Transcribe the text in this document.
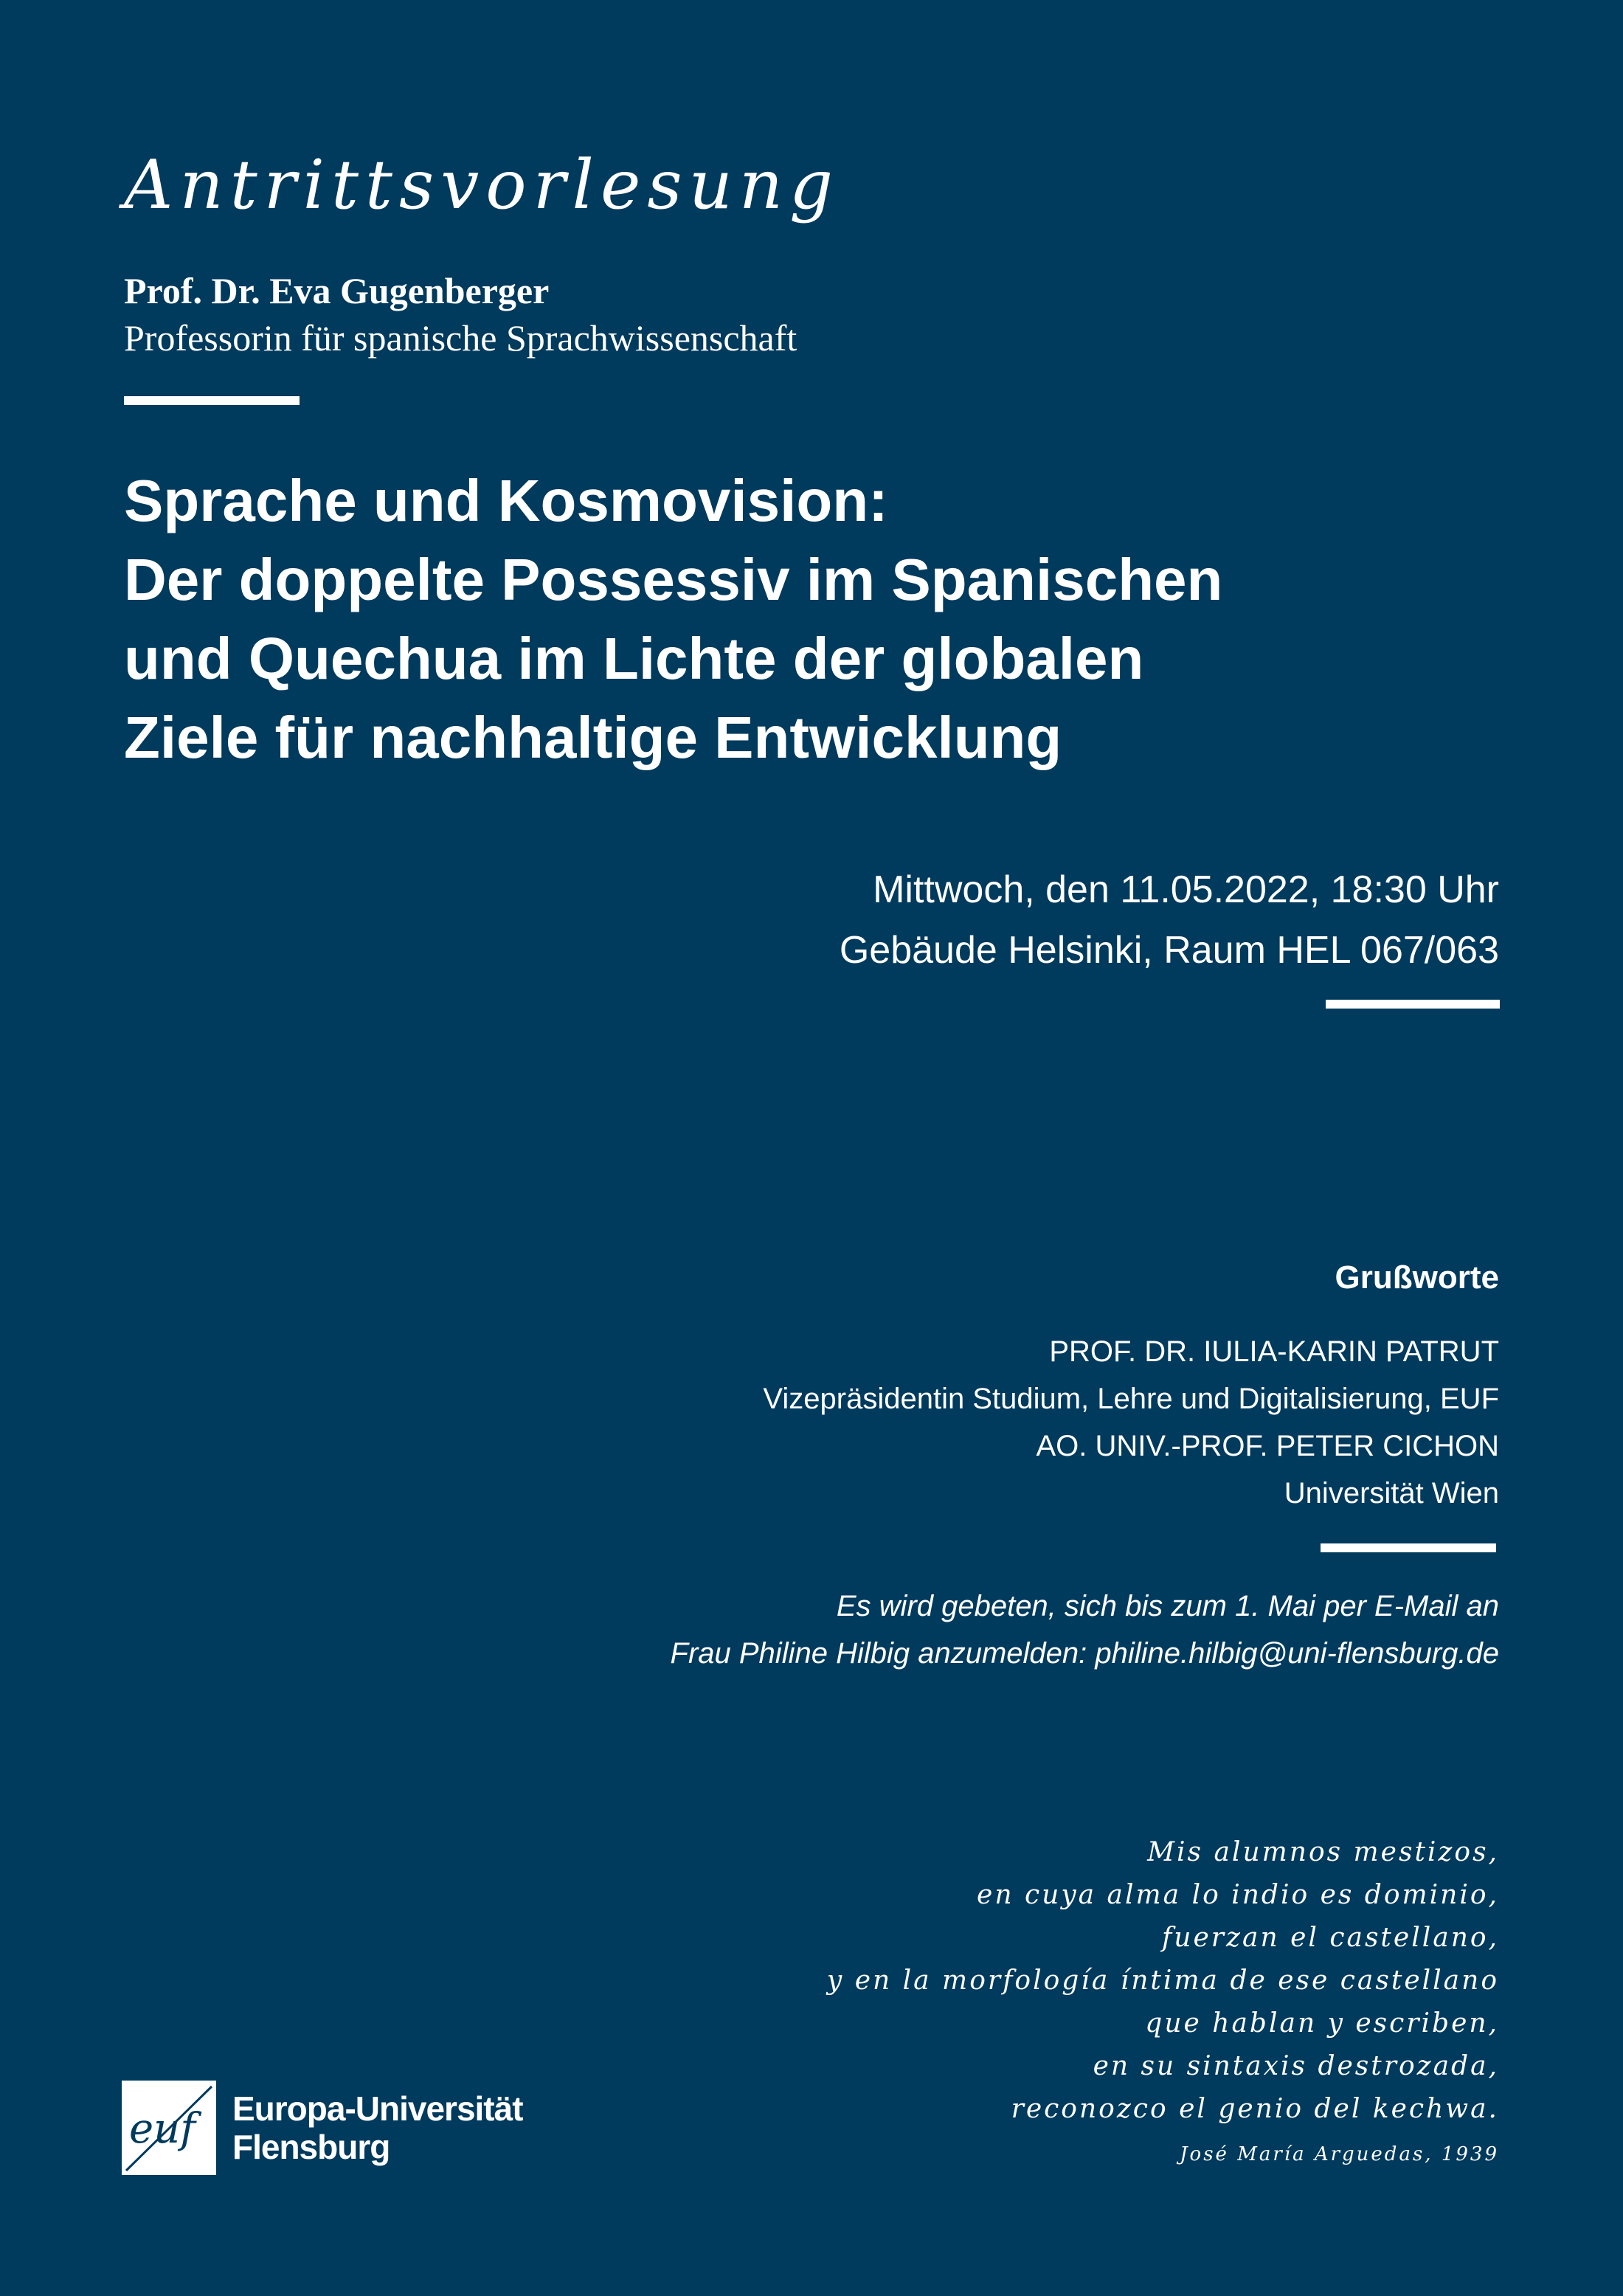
Antrittsvorlesung
Prof. Dr. Eva Gugenberger
Professorin für spanische Sprachwissenschaft
Sprache und Kosmovision:
Der doppelte Possessiv im Spanischen
und Quechua im Lichte der globalen
Ziele für nachhaltige Entwicklung
Mittwoch, den 11.05.2022, 18:30 Uhr
Gebäude Helsinki, Raum HEL 067/063
Grußworte
PROF. DR. IULIA-KARIN PATRUT
Vizepräsidentin Studium, Lehre und Digitalisierung, EUF
AO. UNIV.-PROF. PETER CICHON
Universität Wien
Es wird gebeten, sich bis zum 1. Mai per E-Mail an
Frau Philine Hilbig anzumelden: philine.hilbig@uni-flensburg.de
Mis alumnos mestizos,
en cuya alma lo indio es dominio,
fuerzan el castellano,
y en la morfología íntima de ese castellano
que hablan y escriben,
en su sintaxis destrozada,
reconozco el genio del kechwa.
José María Arguedas, 1939
euf Europa-Universität
Flensburg
